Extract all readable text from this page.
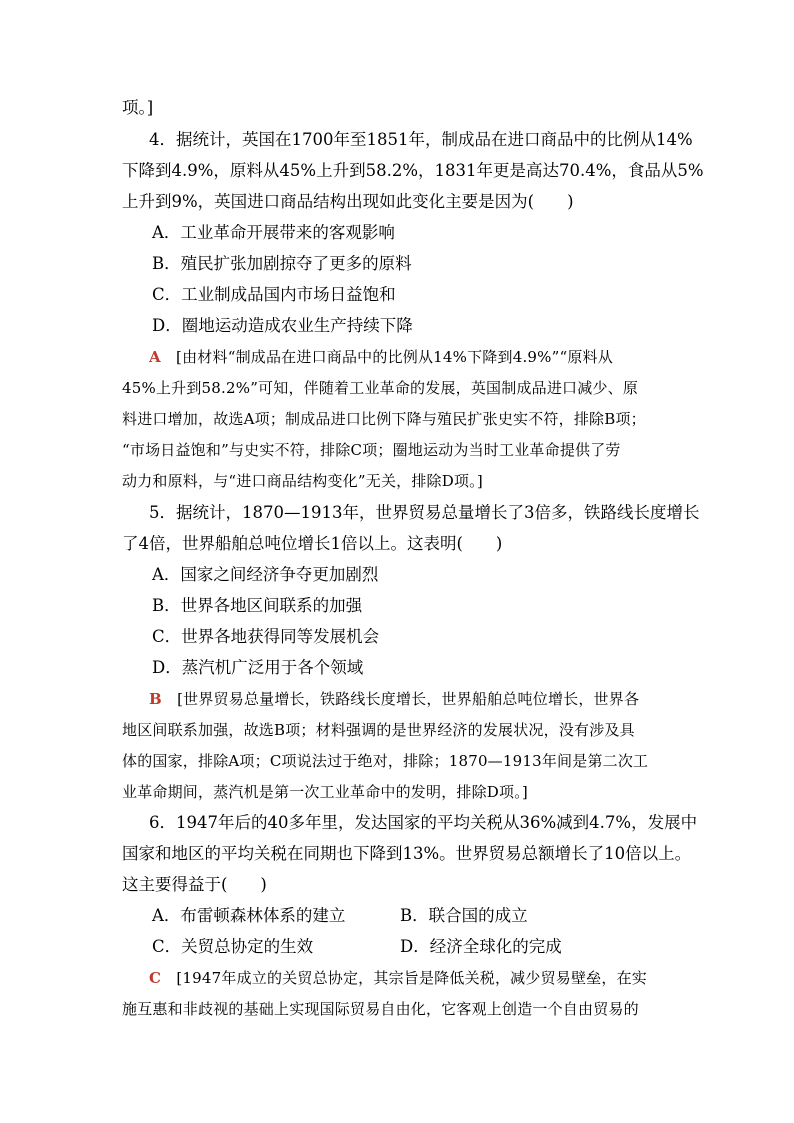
项。]
4．据统计，英国在1700年至1851年，制成品在进口商品中的比例从14%
下降到4.9%，原料从45%上升到58.2%，1831年更是高达70.4%，食品从5%
上升到9%，英国进口商品结构出现如此变化主要是因为(　　)
A．工业革命开展带来的客观影响
B．殖民扩张加剧掠夺了更多的原料
C．工业制成品国内市场日益饱和
D．圈地运动造成农业生产持续下降
A　 [由材料“制成品在进口商品中的比例从14%下降到4.9%”“原料从
45%上升到58.2%”可知，伴随着工业革命的发展，英国制成品进口减少、原
料进口增加，故选A项；制成品进口比例下降与殖民扩张史实不符，排除B项；
“市场日益饱和”与史实不符，排除C项；圈地运动为当时工业革命提供了劳
动力和原料，与“进口商品结构变化”无关，排除D项。]
5．据统计，1870—1913年，世界贸易总量增长了3倍多，铁路线长度增长
了4倍，世界船舶总吨位增长1倍以上。这表明(　　)
A．国家之间经济争夺更加剧烈
B．世界各地区间联系的加强
C．世界各地获得同等发展机会
D．蒸汽机广泛用于各个领域
B　 [世界贸易总量增长，铁路线长度增长，世界船舶总吨位增长，世界各
地区间联系加强，故选B项；材料强调的是世界经济的发展状况，没有涉及具
体的国家，排除A项；C项说法过于绝对，排除；1870—1913年间是第二次工
业革命期间，蒸汽机是第一次工业革命中的发明，排除D项。]
6．1947年后的40多年里，发达国家的平均关税从36%减到4.7%，发展中
国家和地区的平均关税在同期也下降到13%。世界贸易总额增长了10倍以上。
这主要得益于(　　)
A．布雷顿森林体系的建立	B．联合国的成立
C．关贸总协定的生效	D．经济全球化的完成
C　 [1947年成立的关贸总协定，其宗旨是降低关税，减少贸易壁垒，在实
施互惠和非歧视的基础上实现国际贸易自由化，它客观上创造一个自由贸易的
